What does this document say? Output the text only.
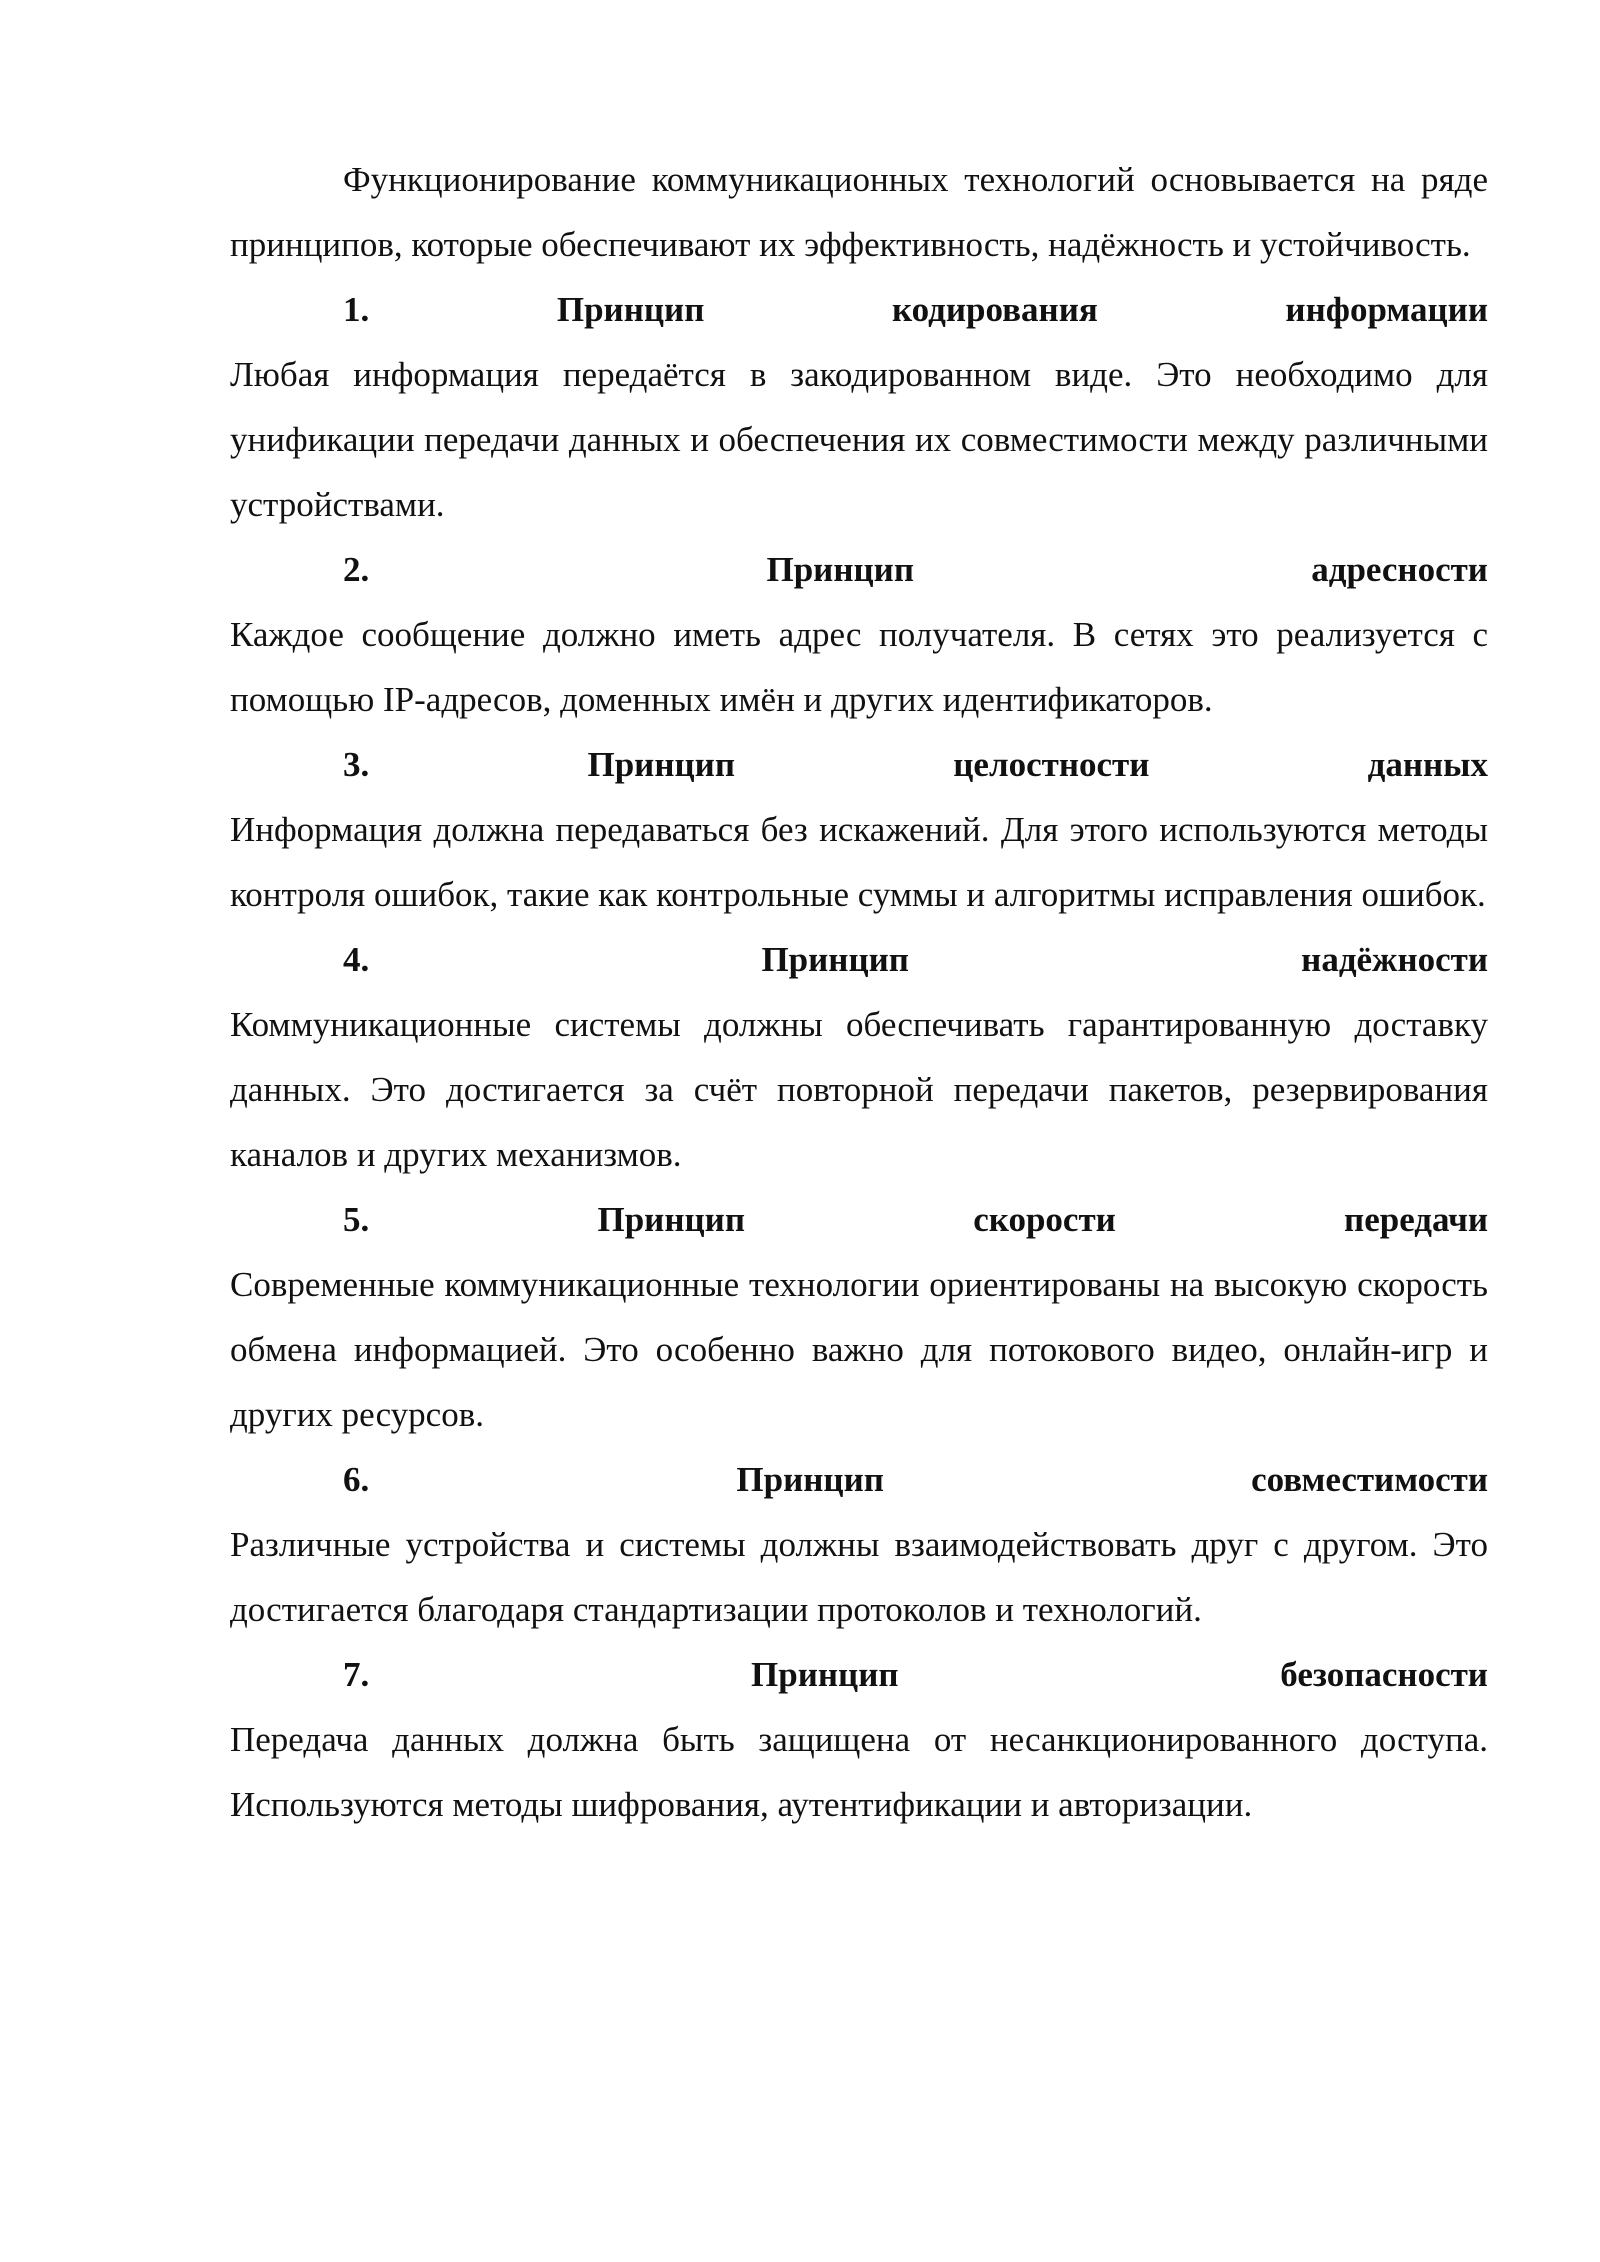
Функционирование коммуникационных технологий основывается на ряде принципов, которые обеспечивают их эффективность, надёжность и устойчивость.

1.	Принцип	кодирования	информации

Любая информация передаётся в закодированном виде. Это необходимо для унификации передачи данных и обеспечения их совместимости между различными устройствами.

2.	Принцип	адресности

Каждое сообщение должно иметь адрес получателя. В сетях это реализуется с помощью IP-адресов, доменных имён и других идентификаторов.

3.	Принцип	целостности	данных

Информация должна передаваться без искажений. Для этого используются методы контроля ошибок, такие как контрольные суммы и алгоритмы исправления ошибок.

4.	Принцип	надёжности

Коммуникационные системы должны обеспечивать гарантированную доставку данных. Это достигается за счёт повторной передачи пакетов, резервирования каналов и других механизмов.

5.	Принцип	скорости	передачи

Современные коммуникационные технологии ориентированы на высокую скорость обмена информацией. Это особенно важно для потокового видео, онлайн-игр и других ресурсов.

6.	Принцип	совместимости

Различные устройства и системы должны взаимодействовать друг с другом. Это достигается благодаря стандартизации протоколов и технологий.

7.	Принцип	безопасности

Передача данных должна быть защищена от несанкционированного доступа. Используются методы шифрования, аутентификации и авторизации.
